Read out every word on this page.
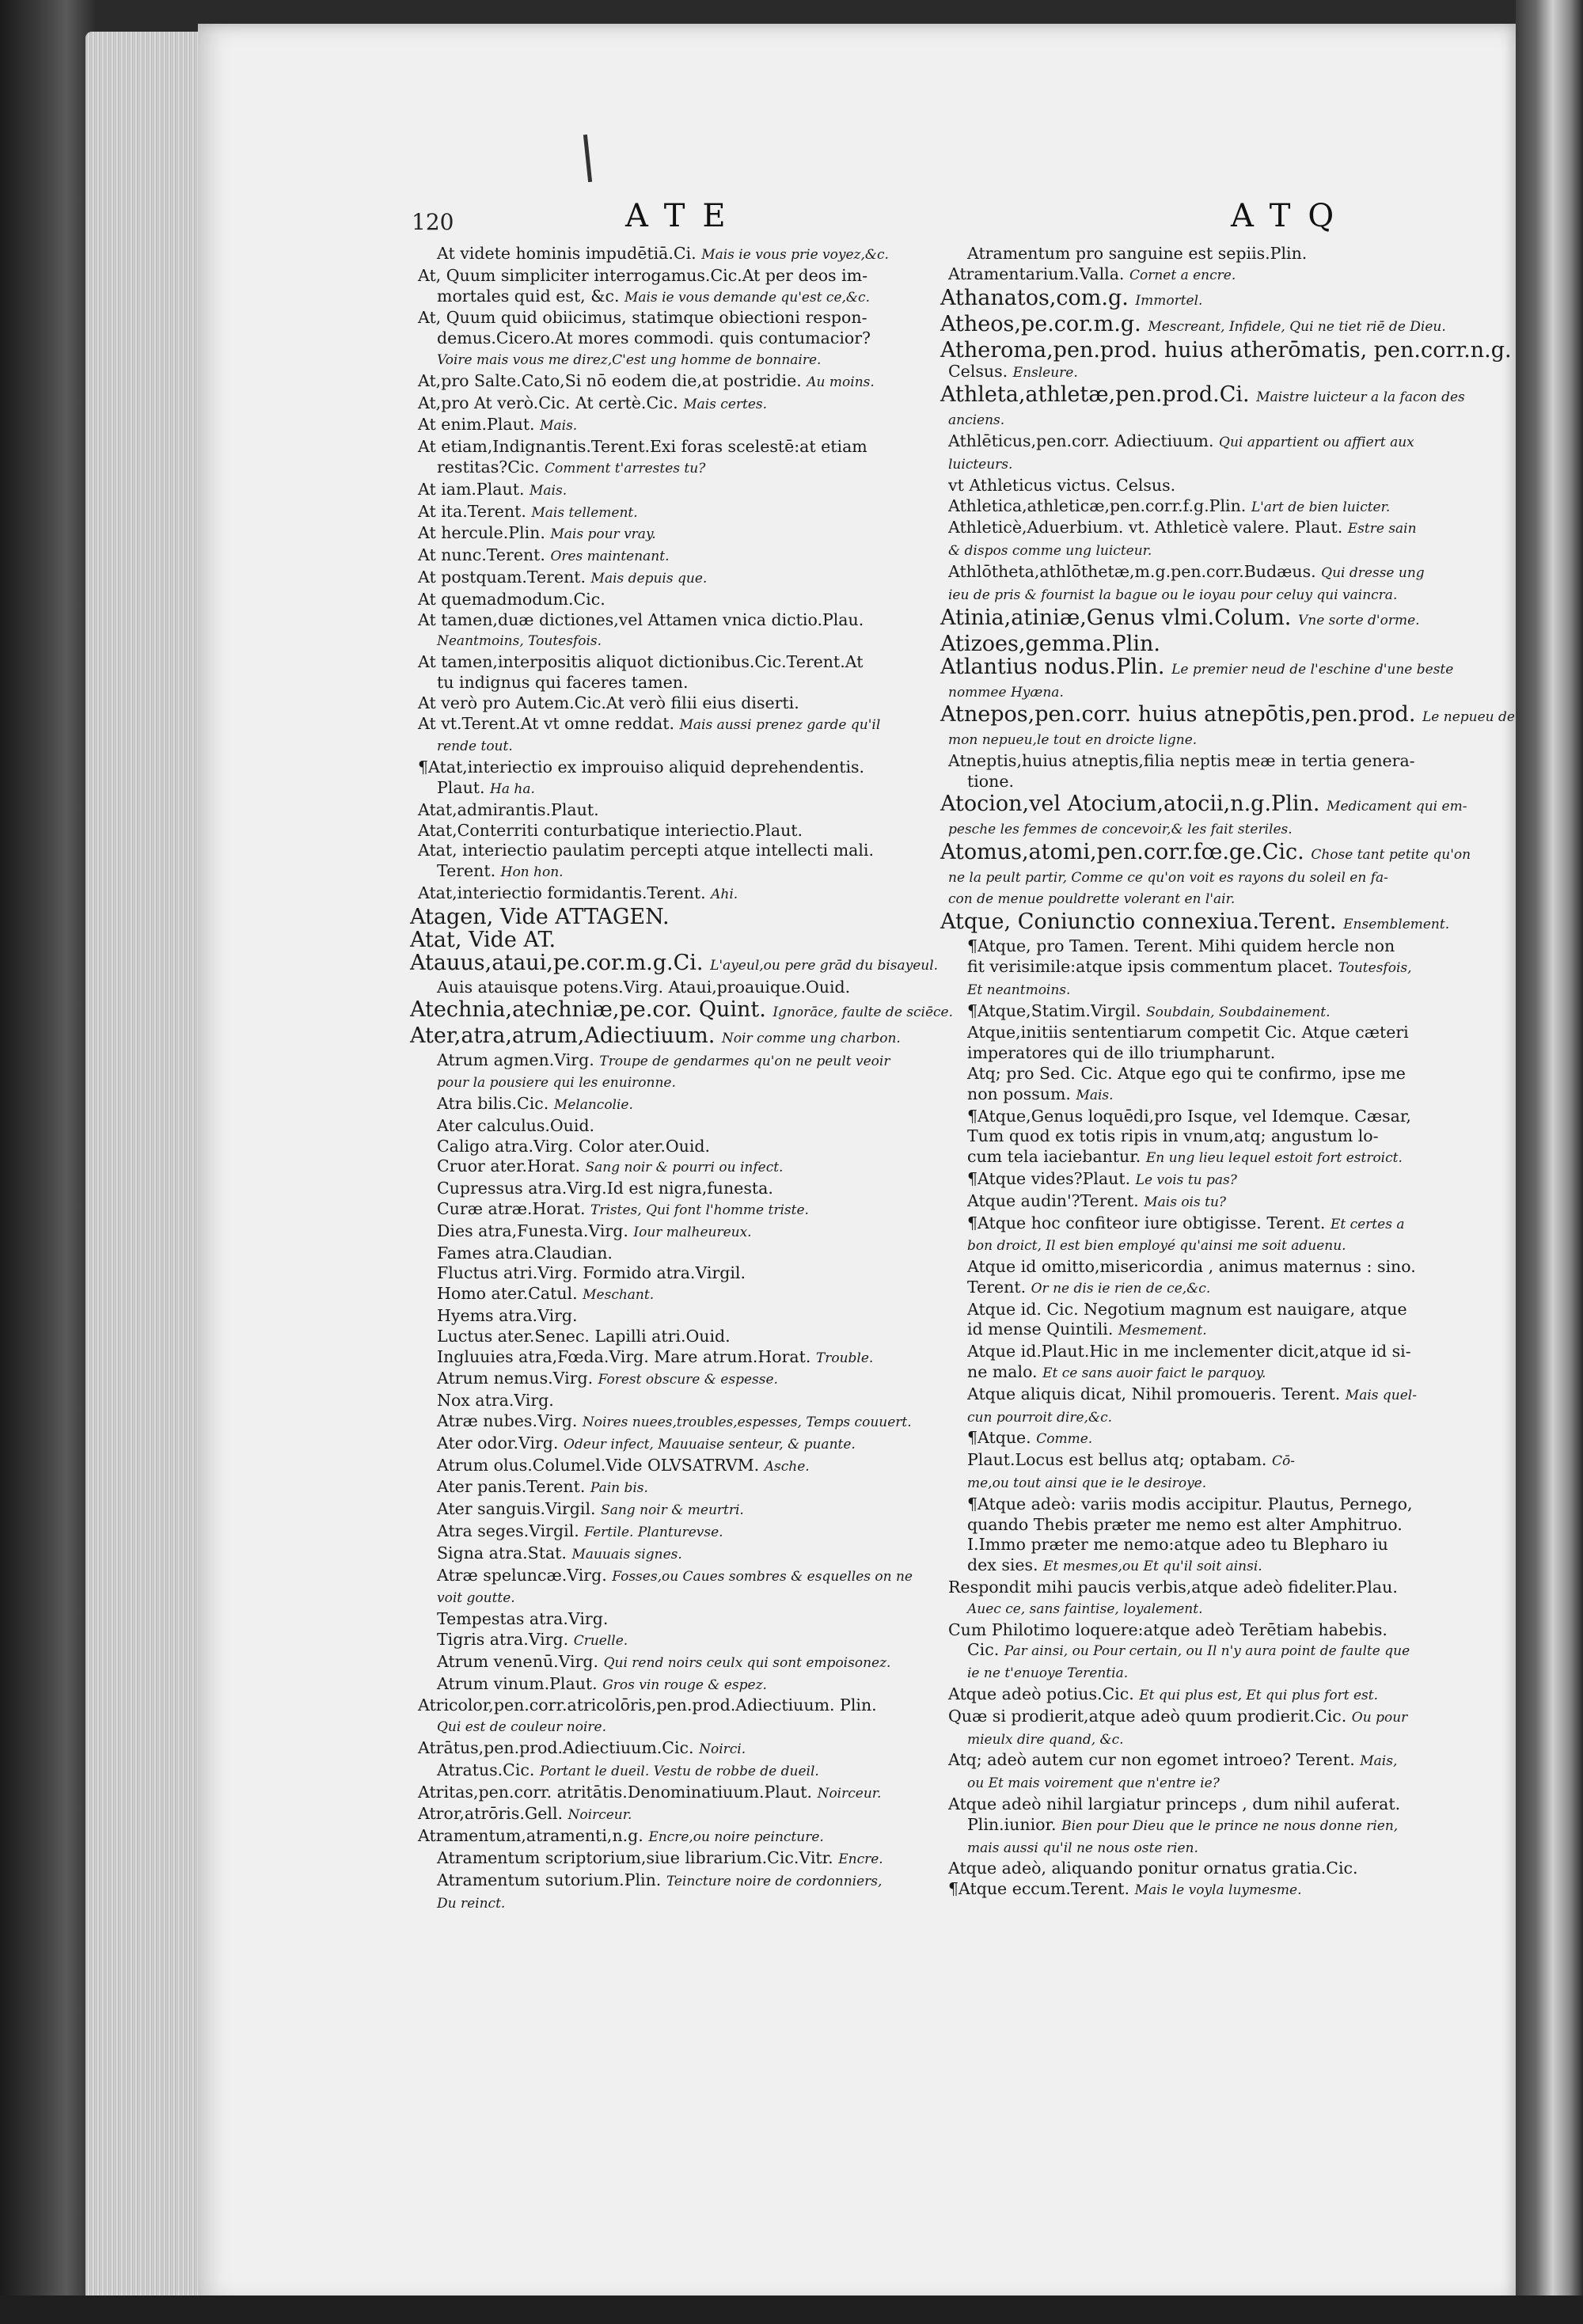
120	ATE	ATQ

At videte hominis impudētiā.Ci. Mais ie vous prie voyez,&c.

At, Quum simpliciter interrogamus.Cic.At per deos im-

mortales quid est, &c. Mais ie vous demande qu'est ce,&c.

At, Quum quid obiicimus, statimque obiectioni respon-

demus.Cicero.At mores commodi. quis contumacior?

Voire mais vous me direz,C'est ung homme de bonnaire.

At,pro Salte.Cato,Si nō eodem die,at postridie. Au moins.

At,pro At verò.Cic. At certè.Cic. Mais certes.

At enim.Plaut. Mais.

At etiam,Indignantis.Terent.Exi foras scelestē:at etiam

restitas?Cic. Comment t'arrestes tu?

At iam.Plaut. Mais.

At ita.Terent. Mais tellement.

At hercule.Plin. Mais pour vray.

At nunc.Terent. Ores maintenant.

At postquam.Terent. Mais depuis que.

At quemadmodum.Cic.

At tamen,duæ dictiones,vel Attamen vnica dictio.Plau.

Neantmoins, Toutesfois.

At tamen,interpositis aliquot dictionibus.Cic.Terent.At

tu indignus qui faceres tamen.

At verò pro Autem.Cic.At verò filii eius diserti.

At vt.Terent.At vt omne reddat. Mais aussi prenez garde qu'il

rende tout.

¶Atat,interiectio ex improuiso aliquid deprehendentis.

Plaut. Ha ha.

Atat,admirantis.Plaut.

Atat,Conterriti conturbatique interiectio.Plaut.

Atat, interiectio paulatim percepti atque intellecti mali.

Terent. Hon hon.

Atat,interiectio formidantis.Terent. Ahi.

Atagen, Vide ATTAGEN.

Atat, Vide AT.

Atauus,ataui,pe.cor.m.g.Ci. L'ayeul,ou pere grād du bisayeul.

Auis atauisque potens.Virg. Ataui,proauique.Ouid.

Atechnia,atechniæ,pe.cor. Quint. Ignorāce, faulte de sciēce.

Ater,atra,atrum,Adiectiuum. Noir comme ung charbon.

Atrum agmen.Virg. Troupe de gendarmes qu'on ne peult veoir

pour la pousiere qui les enuironne.

Atra bilis.Cic. Melancolie.

Ater calculus.Ouid.

Caligo atra.Virg. Color ater.Ouid.

Cruor ater.Horat. Sang noir & pourri ou infect.

Cupressus atra.Virg.Id est nigra,funesta.

Curæ atræ.Horat. Tristes, Qui font l'homme triste.

Dies atra,Funesta.Virg. Iour malheureux.

Fames atra.Claudian.

Fluctus atri.Virg. Formido atra.Virgil.

Homo ater.Catul. Meschant.

Hyems atra.Virg.

Luctus ater.Senec. Lapilli atri.Ouid.

Ingluuies atra,Fœda.Virg. Mare atrum.Horat. Trouble.

Atrum nemus.Virg. Forest obscure & espesse.

Nox atra.Virg.

Atræ nubes.Virg. Noires nuees,troubles,espesses, Temps couuert.

Ater odor.Virg. Odeur infect, Mauuaise senteur, & puante.

Atrum olus.Columel.Vide OLVSATRVM. Asche.

Ater panis.Terent. Pain bis.

Ater sanguis.Virgil. Sang noir & meurtri.

Atra seges.Virgil. Fertile. Planturevse.

Signa atra.Stat. Mauuais signes.

Atræ speluncæ.Virg. Fosses,ou Caues sombres & esquelles on ne

voit goutte.

Tempestas atra.Virg.

Tigris atra.Virg. Cruelle.

Atrum venenū.Virg. Qui rend noirs ceulx qui sont empoisonez.

Atrum vinum.Plaut. Gros vin rouge & espez.

Atricolor,pen.corr.atricolōris,pen.prod.Adiectiuum. Plin.

Qui est de couleur noire.

Atrātus,pen.prod.Adiectiuum.Cic. Noirci.

Atratus.Cic. Portant le dueil. Vestu de robbe de dueil.

Atritas,pen.corr. atritātis.Denominatiuum.Plaut. Noirceur.

Atror,atrōris.Gell. Noirceur.

Atramentum,atramenti,n.g. Encre,ou noire peincture.

Atramentum scriptorium,siue librarium.Cic.Vitr. Encre.

Atramentum sutorium.Plin. Teincture noire de cordonniers,

Du reinct.

Atramentum pro sanguine est sepiis.Plin.

Atramentarium.Valla. Cornet a encre.

Athanatos,com.g. Immortel.

Atheos,pe.cor.m.g. Mescreant, Infidele, Qui ne tiet riē de Dieu.

Atheroma,pen.prod. huius atherōmatis, pen.corr.n.g.

Celsus. Ensleure.

Athleta,athletæ,pen.prod.Ci. Maistre luicteur a la facon des

anciens.

Athlēticus,pen.corr. Adiectiuum. Qui appartient ou affiert aux

luicteurs.

vt Athleticus victus. Celsus.

Athletica,athleticæ,pen.corr.f.g.Plin. L'art de bien luicter.

Athleticè,Aduerbium. vt. Athleticè valere. Plaut. Estre sain

& dispos comme ung luicteur.

Athlōtheta,athlōthetæ,m.g.pen.corr.Budæus. Qui dresse ung

ieu de pris & fournist la bague ou le ioyau pour celuy qui vaincra.

Atinia,atiniæ,Genus vlmi.Colum. Vne sorte d'orme.

Atizoes,gemma.Plin.

Atlantius nodus.Plin. Le premier neud de l'eschine d'une beste

nommee Hyæna.

Atnepos,pen.corr. huius atnepōtis,pen.prod. Le nepueu de

mon nepueu,le tout en droicte ligne.

Atneptis,huius atneptis,filia neptis meæ in tertia genera-

tione.

Atocion,vel Atocium,atocii,n.g.Plin. Medicament qui em-

pesche les femmes de concevoir,& les fait steriles.

Atomus,atomi,pen.corr.fœ.ge.Cic. Chose tant petite qu'on

ne la peult partir, Comme ce qu'on voit es rayons du soleil en fa-

con de menue pouldrette volerant en l'air.

Atque, Coniunctio connexiua.Terent. Ensemblement.

¶Atque, pro Tamen. Terent. Mihi quidem hercle non

fit verisimile:atque ipsis commentum placet. Toutesfois,

Et neantmoins.

¶Atque,Statim.Virgil. Soubdain, Soubdainement.

Atque,initiis sententiarum competit Cic. Atque cæteri

imperatores qui de illo triumpharunt.

Atq; pro Sed. Cic. Atque ego qui te confirmo, ipse me

non possum. Mais.

¶Atque,Genus loquēdi,pro Isque, vel Idemque. Cæsar,

Tum quod ex totis ripis in vnum,atq; angustum lo-

cum tela iaciebantur. En ung lieu lequel estoit fort estroict.

¶Atque vides?Plaut. Le vois tu pas?

Atque audin'?Terent. Mais ois tu?

¶Atque hoc confiteor iure obtigisse. Terent. Et certes a

bon droict, Il est bien employé qu'ainsi me soit aduenu.

Atque id omitto,misericordia , animus maternus : sino.

Terent. Or ne dis ie rien de ce,&c.

Atque id. Cic. Negotium magnum est nauigare, atque

id mense Quintili. Mesmement.

Atque id.Plaut.Hic in me inclementer dicit,atque id si-

ne malo. Et ce sans auoir faict le parquoy.

Atque aliquis dicat, Nihil promoueris. Terent. Mais quel-

cun pourroit dire,&c.

¶Atque. Comme.

Plaut.Locus est bellus atq; optabam. Cō-

me,ou tout ainsi que ie le desiroye.

¶Atque adeò: variis modis accipitur. Plautus, Pernego,

quando Thebis præter me nemo est alter Amphitruo.

I.Immo præter me nemo:atque adeo tu Blepharo iu

dex sies. Et mesmes,ou Et qu'il soit ainsi.

Respondit mihi paucis verbis,atque adeò fideliter.Plau.

Auec ce, sans faintise, loyalement.

Cum Philotimo loquere:atque adeò Terētiam habebis.

Cic. Par ainsi, ou Pour certain, ou Il n'y aura point de faulte que

ie ne t'enuoye Terentia.

Atque adeò potius.Cic. Et qui plus est, Et qui plus fort est.

Quæ si prodierit,atque adeò quum prodierit.Cic. Ou pour

mieulx dire quand, &c.

Atq; adeò autem cur non egomet introeo? Terent. Mais,

ou Et mais voirement que n'entre ie?

Atque adeò nihil largiatur princeps , dum nihil auferat.

Plin.iunior. Bien pour Dieu que le prince ne nous donne rien,

mais aussi qu'il ne nous oste rien.

Atque adeò, aliquando ponitur ornatus gratia.Cic.

¶Atque eccum.Terent. Mais le voyla luymesme.
